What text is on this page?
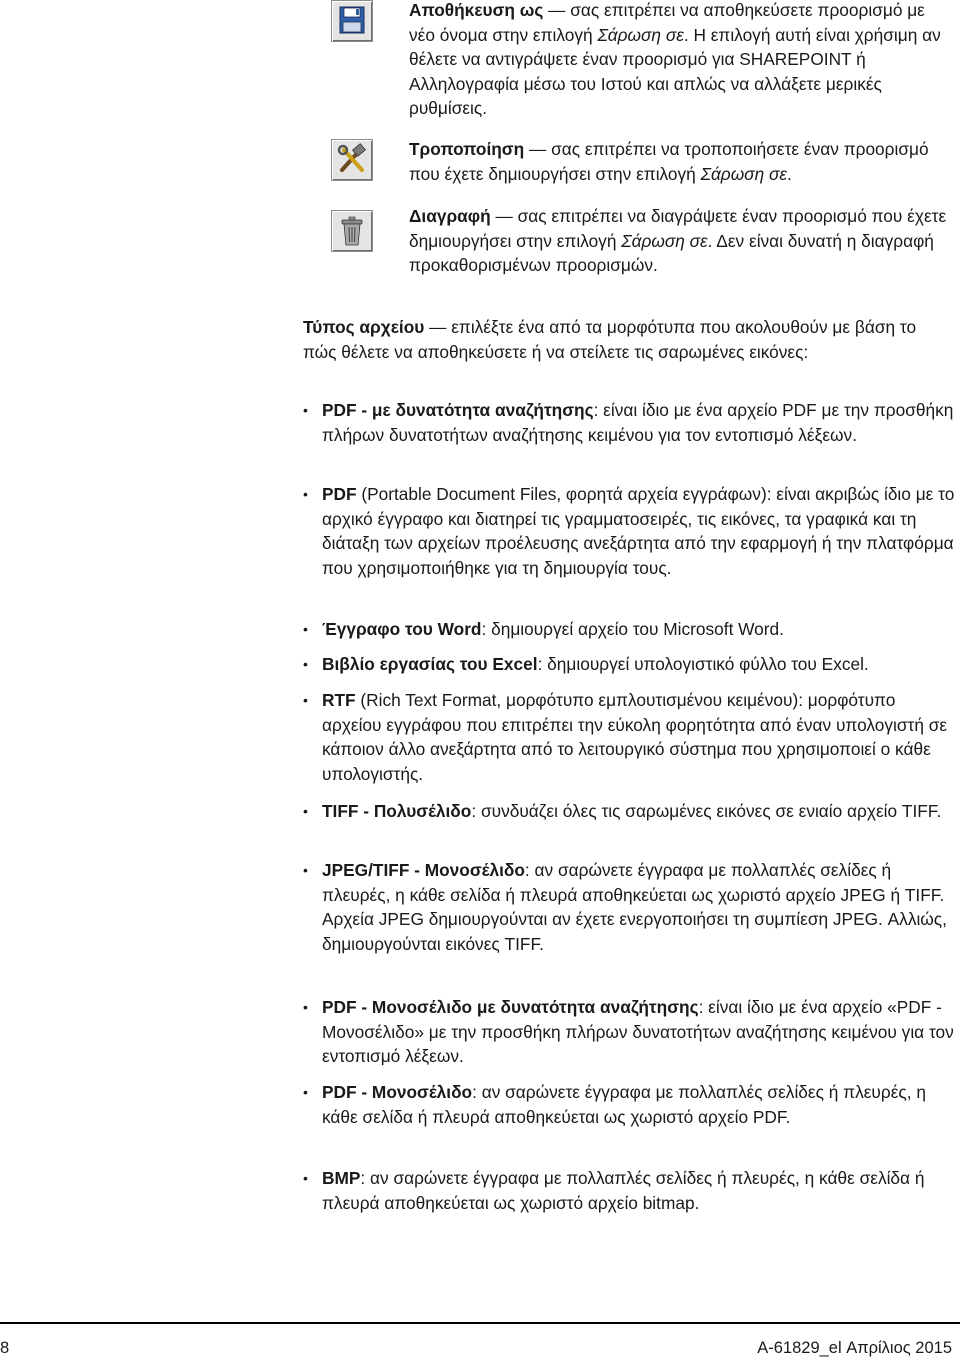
Αποθήκευση ως — σας επιτρέπει να αποθηκεύσετε προορισμό με νέο όνομα στην επιλογή Σάρωση σε. Η επιλογή αυτή είναι χρήσιμη αν θέλετε να αντιγράψετε έναν προορισμό για SHAREPOINT ή Αλληλογραφία μέσω του Ιστού και απλώς να αλλάξετε μερικές ρυθμίσεις.
Τροποποίηση — σας επιτρέπει να τροποποιήσετε έναν προορισμό που έχετε δημιουργήσει στην επιλογή Σάρωση σε.
Διαγραφή — σας επιτρέπει να διαγράψετε έναν προορισμό που έχετε δημιουργήσει στην επιλογή Σάρωση σε. Δεν είναι δυνατή η διαγραφή προκαθορισμένων προορισμών.
Τύπος αρχείου — επιλέξτε ένα από τα μορφότυπα που ακολουθούν με βάση το πώς θέλετε να αποθηκεύσετε ή να στείλετε τις σαρωμένες εικόνες:
• PDF - με δυνατότητα αναζήτησης: είναι ίδιο με ένα αρχείο PDF με την προσθήκη πλήρων δυνατοτήτων αναζήτησης κειμένου για τον εντοπισμό λέξεων.
• PDF (Portable Document Files, φορητά αρχεία εγγράφων): είναι ακριβώς ίδιο με το αρχικό έγγραφο και διατηρεί τις γραμματοσειρές, τις εικόνες, τα γραφικά και τη διάταξη των αρχείων προέλευσης ανεξάρτητα από την εφαρμογή ή την πλατφόρμα που χρησιμοποιήθηκε για τη δημιουργία τους.
• Έγγραφο του Word: δημιουργεί αρχείο του Microsoft Word.
• Βιβλίο εργασίας του Excel: δημιουργεί υπολογιστικό φύλλο του Excel.
• RTF (Rich Text Format, μορφότυπο εμπλουτισμένου κειμένου): μορφότυπο αρχείου εγγράφου που επιτρέπει την εύκολη φορητότητα από έναν υπολογιστή σε κάποιον άλλο ανεξάρτητα από το λειτουργικό σύστημα που χρησιμοποιεί ο κάθε υπολογιστής.
• TIFF - Πολυσέλιδο: συνδυάζει όλες τις σαρωμένες εικόνες σε ενιαίο αρχείο TIFF.
• JPEG/TIFF - Μονοσέλιδο: αν σαρώνετε έγγραφα με πολλαπλές σελίδες ή πλευρές, η κάθε σελίδα ή πλευρά αποθηκεύεται ως χωριστό αρχείο JPEG ή TIFF. Αρχεία JPEG δημιουργούνται αν έχετε ενεργοποιήσει τη συμπίεση JPEG. Αλλιώς, δημιουργούνται εικόνες TIFF.
• PDF - Μονοσέλιδο με δυνατότητα αναζήτησης: είναι ίδιο με ένα αρχείο «PDF - Μονοσέλιδο» με την προσθήκη πλήρων δυνατοτήτων αναζήτησης κειμένου για τον εντοπισμό λέξεων.
• PDF - Μονοσέλιδο: αν σαρώνετε έγγραφα με πολλαπλές σελίδες ή πλευρές, η κάθε σελίδα ή πλευρά αποθηκεύεται ως χωριστό αρχείο PDF.
• BMP: αν σαρώνετε έγγραφα με πολλαπλές σελίδες ή πλευρές, η κάθε σελίδα ή πλευρά αποθηκεύεται ως χωριστό αρχείο bitmap.
8	A-61829_el Απρίλιος 2015
